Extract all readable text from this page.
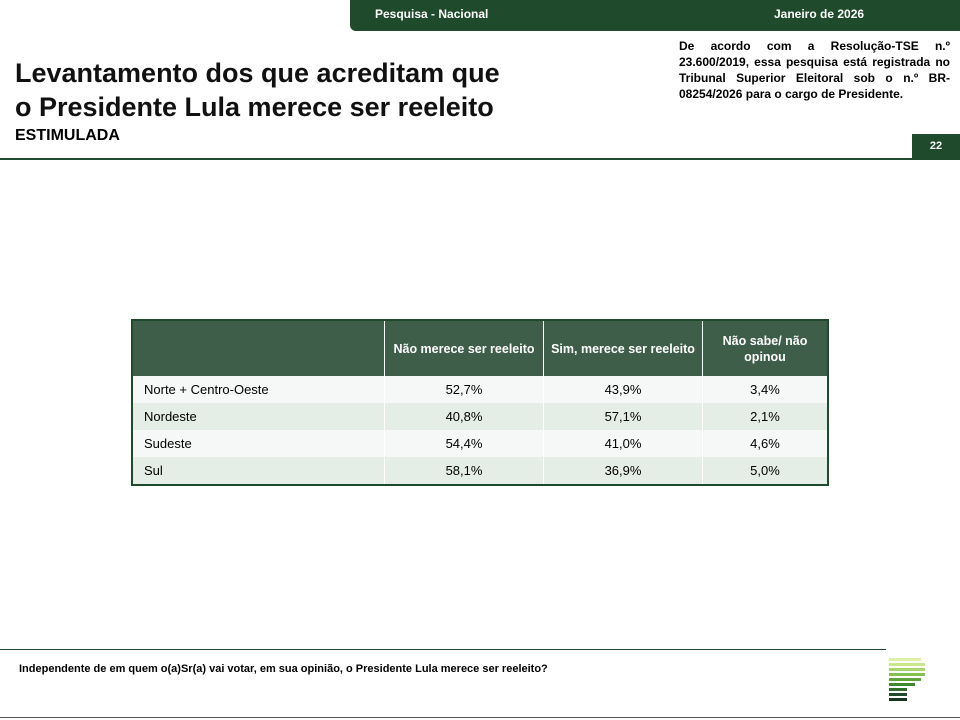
Pesquisa - Nacional	Janeiro de 2026
Levantamento dos que acreditam que
o Presidente Lula merece ser reeleito
ESTIMULADA
De acordo com a Resolução-TSE n.º 23.600/2019, essa pesquisa está registrada no Tribunal Superior Eleitoral sob o n.º BR-08254/2026 para o cargo de Presidente.
22
	Não merece ser reeleito	Sim, merece ser reeleito	Não sabe/ não opinou
Norte + Centro-Oeste	52,7%	43,9%	3,4%
Nordeste	40,8%	57,1%	2,1%
Sudeste	54,4%	41,0%	4,6%
Sul	58,1%	36,9%	5,0%
Independente de em quem o(a)Sr(a) vai votar, em sua opinião, o Presidente Lula merece ser reeleito?
